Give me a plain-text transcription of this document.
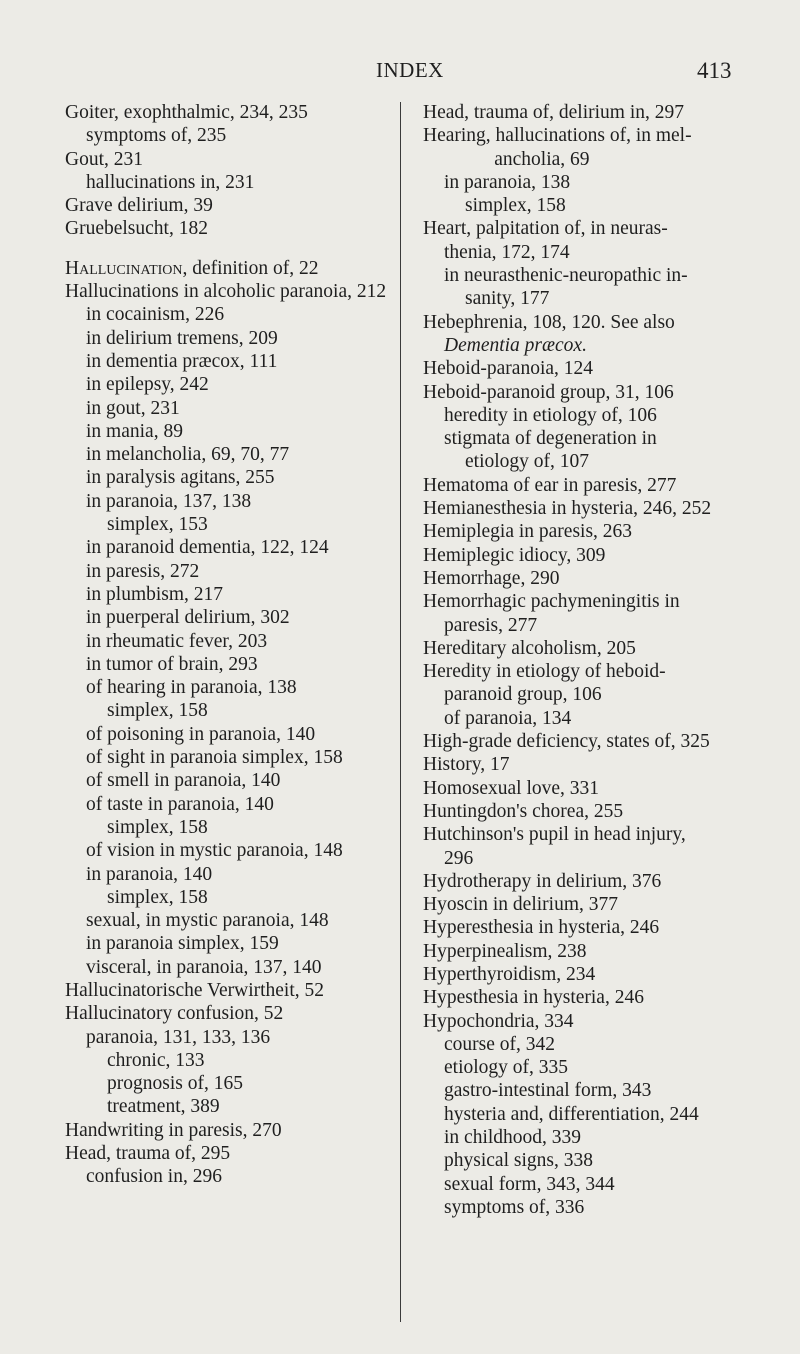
INDEX	413
Goiter, exophthalmic, 234, 235
symptoms of, 235
Gout, 231
hallucinations in, 231
Grave delirium, 39
Gruebelsucht, 182
Hallucination, definition of, 22
Hallucinations in alcoholic paranoia, 212
in cocainism, 226
in delirium tremens, 209
in dementia præcox, 111
in epilepsy, 242
in gout, 231
in mania, 89
in melancholia, 69, 70, 77
in paralysis agitans, 255
in paranoia, 137, 138
simplex, 153
in paranoid dementia, 122, 124
in paresis, 272
in plumbism, 217
in puerperal delirium, 302
in rheumatic fever, 203
in tumor of brain, 293
of hearing in paranoia, 138
simplex, 158
of poisoning in paranoia, 140
of sight in paranoia simplex, 158
of smell in paranoia, 140
of taste in paranoia, 140
simplex, 158
of vision in mystic paranoia, 148
in paranoia, 140
simplex, 158
sexual, in mystic paranoia, 148
in paranoia simplex, 159
visceral, in paranoia, 137, 140
Hallucinatorische Verwirtheit, 52
Hallucinatory confusion, 52
paranoia, 131, 133, 136
chronic, 133
prognosis of, 165
treatment, 389
Handwriting in paresis, 270
Head, trauma of, 295
confusion in, 296
Head, trauma of, delirium in, 297
Hearing, hallucinations of, in mel-
​      ancholia, 69
in paranoia, 138
simplex, 158
Heart, palpitation of, in neuras-
thenia, 172, 174
in neurasthenic-neuropathic in-
sanity, 177
Hebephrenia, 108, 120. See also
Dementia præcox.
Heboid-paranoia, 124
Heboid-paranoid group, 31, 106
heredity in etiology of, 106
stigmata of degeneration in
etiology of, 107
Hematoma of ear in paresis, 277
Hemianesthesia in hysteria, 246, 252
Hemiplegia in paresis, 263
Hemiplegic idiocy, 309
Hemorrhage, 290
Hemorrhagic pachymeningitis in
paresis, 277
Hereditary alcoholism, 205
Heredity in etiology of heboid-
paranoid group, 106
of paranoia, 134
High-grade deficiency, states of, 325
History, 17
Homosexual love, 331
Huntingdon's chorea, 255
Hutchinson's pupil in head injury,
296
Hydrotherapy in delirium, 376
Hyoscin in delirium, 377
Hyperesthesia in hysteria, 246
Hyperpinealism, 238
Hyperthyroidism, 234
Hypesthesia in hysteria, 246
Hypochondria, 334
course of, 342
etiology of, 335
gastro-intestinal form, 343
hysteria and, differentiation, 244
in childhood, 339
physical signs, 338
sexual form, 343, 344
symptoms of, 336
